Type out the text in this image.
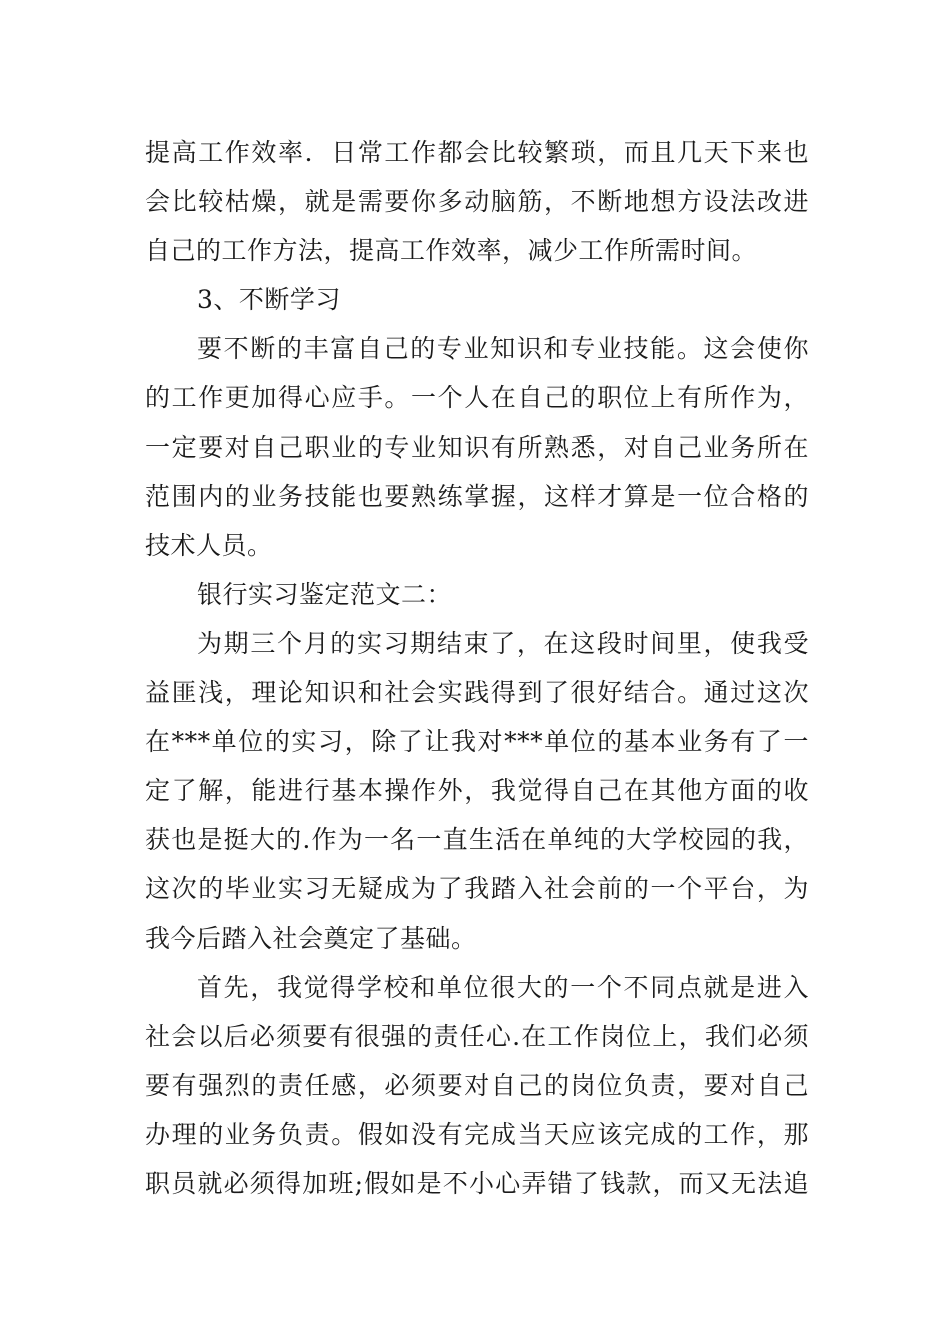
提高工作效率．日常工作都会比较繁琐，而且几天下来也
会比较枯燥，就是需要你多动脑筋，不断地想方设法改进
自己的工作方法，提高工作效率，减少工作所需时间。
3、不断学习
要不断的丰富自己的专业知识和专业技能。这会使你
的工作更加得心应手。一个人在自己的职位上有所作为，
一定要对自己职业的专业知识有所熟悉，对自己业务所在
范围内的业务技能也要熟练掌握，这样才算是一位合格的
技术人员。
银行实习鉴定范文二：
为期三个月的实习期结束了，在这段时间里，使我受
益匪浅，理论知识和社会实践得到了很好结合。通过这次
在***单位的实习，除了让我对***单位的基本业务有了一
定了解，能进行基本操作外，我觉得自己在其他方面的收
获也是挺大的.作为一名一直生活在单纯的大学校园的我，
这次的毕业实习无疑成为了我踏入社会前的一个平台，为
我今后踏入社会奠定了基础。
首先，我觉得学校和单位很大的一个不同点就是进入
社会以后必须要有很强的责任心.在工作岗位上，我们必须
要有强烈的责任感，必须要对自己的岗位负责，要对自己
办理的业务负责。假如没有完成当天应该完成的工作，那
职员就必须得加班;假如是不小心弄错了钱款，而又无法追
